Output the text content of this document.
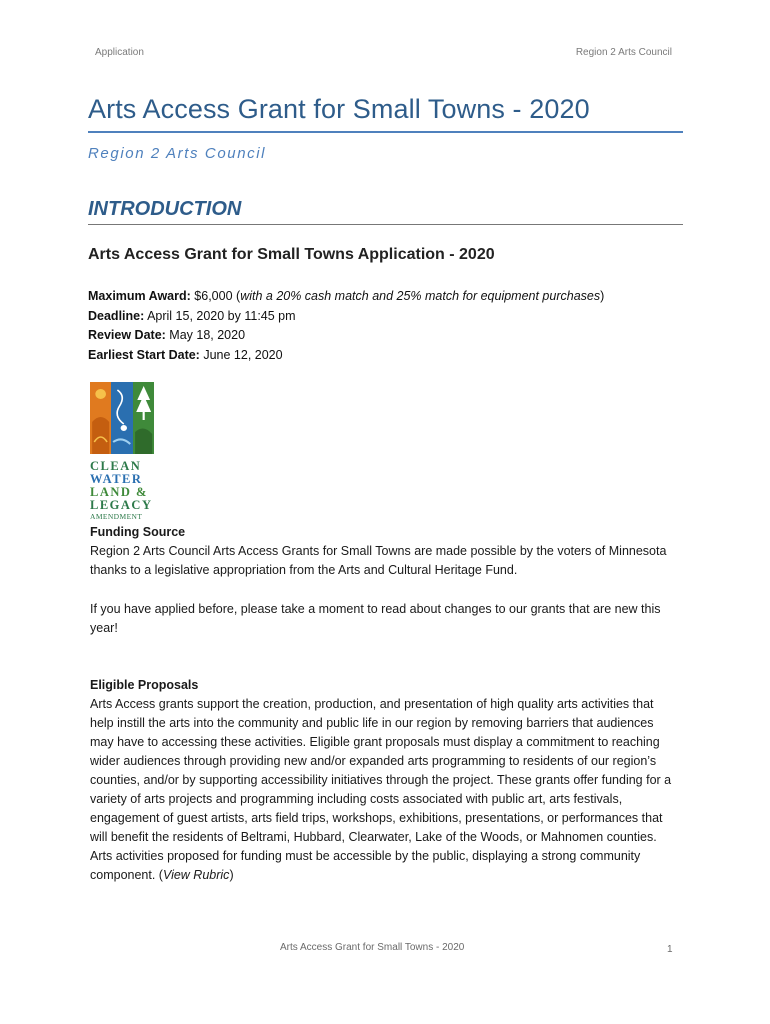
Application	Region 2 Arts Council
Arts Access Grant for Small Towns - 2020

Region 2 Arts Council

INTRODUCTION
Arts Access Grant for Small Towns Application - 2020
Maximum Award: $6,000 (with a 20% cash match and 25% match for equipment purchases)
Deadline: April 15, 2020 by 11:45 pm
Review Date: May 18, 2020
Earliest Start Date: June 12, 2020
CLEAN
WATER
LAND &
LEGACY
AMENDMENT
Funding Source

Region 2 Arts Council Arts Access Grants for Small Towns are made possible by the voters of Minnesota thanks to a legislative appropriation from the Arts and Cultural Heritage Fund.

If you have applied before, please take a moment to read about changes to our grants that are new this year!

Eligible Proposals

Arts Access grants support the creation, production, and presentation of high quality arts activities that help instill the arts into the community and public life in our region by removing barriers that audiences may have to accessing these activities. Eligible grant proposals must display a commitment to reaching wider audiences through providing new and/or expanded arts programming to residents of our region’s counties, and/or by supporting accessibility initiatives through the project. These grants offer funding for a variety of arts projects and programming including costs associated with public art, arts festivals, engagement of guest artists, arts field trips, workshops, exhibitions, presentations, or performances that will benefit the residents of Beltrami, Hubbard, Clearwater, Lake of the Woods, or Mahnomen counties. Arts activities proposed for funding must be accessible by the public, displaying a strong community component. (View Rubric)

Arts Access Grant for Small Towns - 2020	1
